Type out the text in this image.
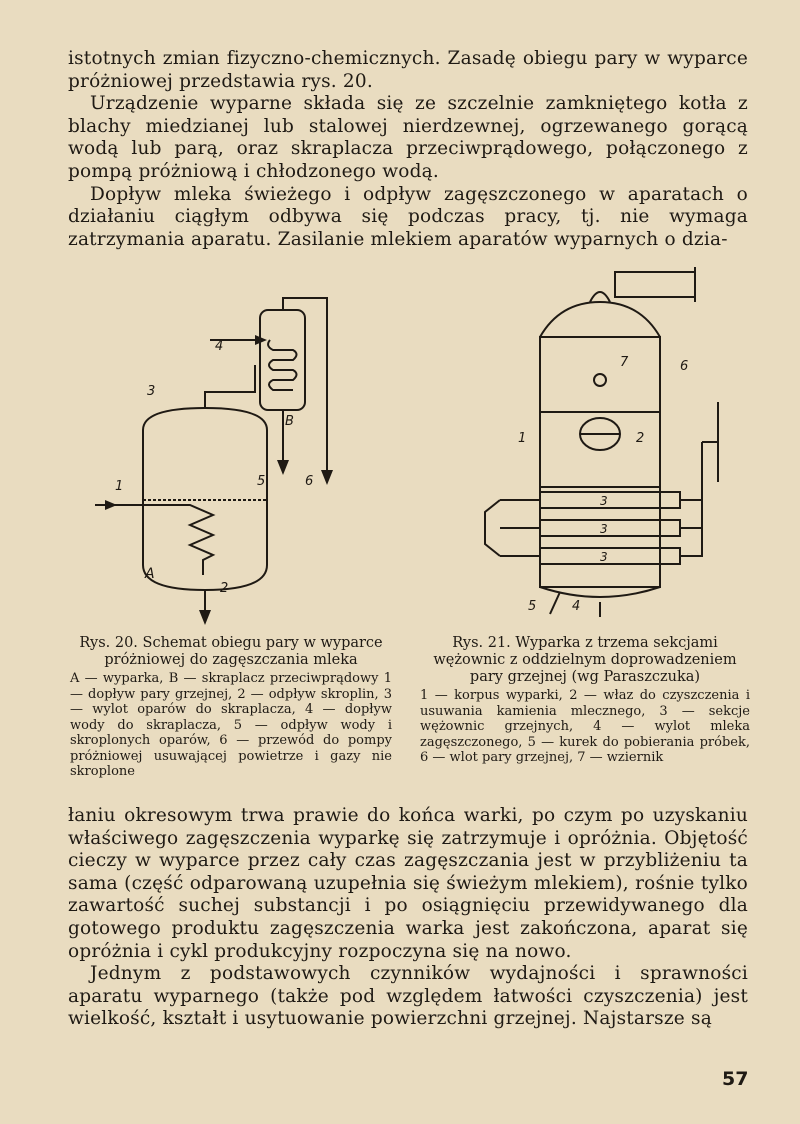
istotnych zmian fizyczno-chemicznych. Zasadę obiegu pary w wyparce próżniowej przedstawia rys. 20.
Urządzenie wyparne składa się ze szczelnie zamkniętego kotła z blachy miedzianej lub stalowej nierdzewnej, ogrzewanego gorącą wodą lub parą, oraz skraplacza przeciwprądowego, połączonego z pompą próżniową i chłodzonego wodą.
Dopływ mleka świeżego i odpływ zagęszczonego w aparatach o działaniu ciągłym odbywa się podczas pracy, tj. nie wymaga zatrzymania aparatu. Zasilanie mlekiem aparatów wyparnych o dzia-
A
B
1
2
3
4
5	6
7
2
1
3
3
3
6
5	4
Rys. 20. Schemat obiegu pary w wyparce próżniowej do zagęszczania mleka
A — wyparka, B — skraplacz przeciwprądowy 1 — dopływ pary grzejnej, 2 — odpływ skroplin, 3 — wylot oparów do skraplacza, 4 — dopływ wody do skraplacza, 5 — odpływ wody i skroplonych oparów, 6 — przewód do pompy próżniowej usuwającej powietrze i gazy nie skroplone
Rys. 21. Wyparka z trzema sekcjami wężownic z oddzielnym doprowadzeniem pary grzejnej (wg Paraszczuka)
1 — korpus wyparki, 2 — właz do czyszczenia i usuwania kamienia mlecznego, 3 — sekcje wężownic grzejnych, 4 — wylot mleka zagęszczonego, 5 — kurek do pobierania próbek, 6 — wlot pary grzejnej, 7 — wziernik
łaniu okresowym trwa prawie do końca warki, po czym po uzyskaniu właściwego zagęszczenia wyparkę się zatrzymuje i opróżnia. Objętość cieczy w wyparce przez cały czas zagęszczania jest w przybliżeniu ta sama (część odparowaną uzupełnia się świeżym mlekiem), rośnie tylko zawartość suchej substancji i po osiągnięciu przewidywanego dla gotowego produktu zagęszczenia warka jest zakończona, aparat się opróżnia i cykl produkcyjny rozpoczyna się na nowo.
Jednym z podstawowych czynników wydajności i sprawności aparatu wyparnego (także pod względem łatwości czyszczenia) jest wielkość, kształt i usytuowanie powierzchni grzejnej. Najstarsze są
57
